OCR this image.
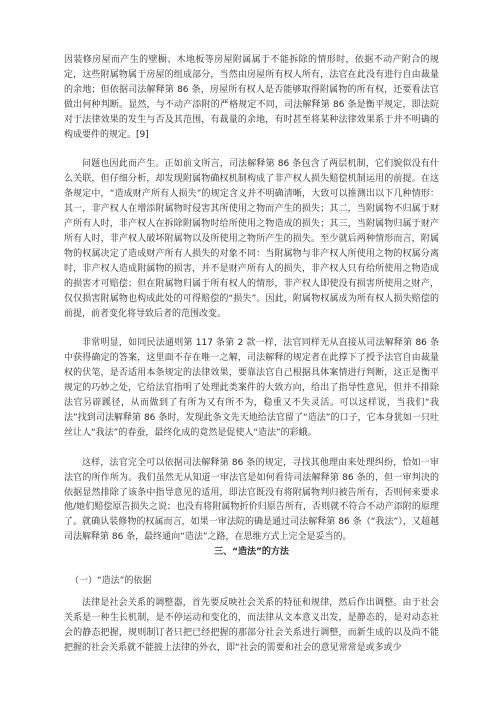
因装修房屋而产生的壁橱、木地板等房屋附属属于不能拆除的情形时，依据不动产附合的规定，这些附属物属于房屋的组成部分，当然由房屋所有权人所有，法官在此没有进行自由裁量的余地；但依据司法解释第 86 条，房屋所有权人是否能够取得附属物的所有权，还要看法官做出何种判断。显然，与不动产添附的严格规定不同，司法解释第 86 条是衡平规定，即法院对于法律效果的发生与否及其范围，有裁量的余地，有时甚至将某种法律效果系于并不明确的构成要件的规定。[9]

问题也因此而产生。正如前文所言，司法解释第 86 条包含了两层机制，它们貌似没有什么关联，但仔细分析，却发现附属物确权机制构成了非产权人损失赔偿机制运用的前提。在这条规定中，“造成财产所有人损失”的规定含义并不明确清晰，大致可以推测出以下几种情形：其一，非产权人在增添附属物时侵害其所使用之物而产生的损失；其二，当附属物不归属于财产所有人时，非产权人在拆除附属物时给所使用之物造成的损失；其三，当附属物归属于财产所有人时，非产权人破坏附属物以及所使用之物所产生的损失。至少就后两种情形而言，附属物的权属决定了造成财产所有人损失的对象不同：当附属物与非产权人所使用之物的权属分离时，非产权人造成附属物的损害，并不是财产所有人的损失，非产权人只有给所使用之物造成的损害才可赔偿；但在附属物归属于所有权人的情形，非产权人即使没有损害所使用之财产，仅仅损害附属物也构成此处的可得赔偿的“损失”。因此，附属物权属成为所有权人损失赔偿的前提，前者变化将导致后者的范围改变。

非常明显，如同民法通则第 117 条第 2 款一样，法官同样无从直接从司法解释第 86 条中获得确定的答案，这里面不存在唯一之解，司法解释的规定者在此撑下了授予法官自由裁量权的伏笔，是否适用本条规定的法律效果，要靠法官自己根据具体案情进行判断，这正是衡平规定的巧妙之处，它给法官指明了处理此类案件的大致方向，给出了指导性意见，但并不排除法官另辟蹊径，从而做到了有所为又有所不为，稳重又不失灵活。可以这样说，当我们“我法”找到司法解释第 86 条时，发现此条文先天地给法官留了“造法”的口子，它本身犹如一只吐丝让人“我法”的春蚕，最终化成的竟然是促使人“造法”的彩蛾。

这样，法官完全可以依据司法解释第 86 条的规定，寻找其他理由来处理纠纷，恰如一审法官的所作所为。我们虽然无从知道一审法官是如何看待司法解释第 86 条的，但一审判决的依据显然排除了该条中指导意见的适用，即法官既没有将附属物判归被告所有，否则何来要求他/她们赔偿原告损失之说；也没有将附属物折价归原告所有，否则就不符合不动产添附的原理了。就确认装修物的权属而言，如果一审法院的确是通过司法解释第 86 条（“我法”），又超越司法解释第 86 条，最终通向“造法”之路，在思维方式上完全是妥当的。

三、“造法”的方法

（一）“造法”的依据

法律是社会关系的调整器，首先要反映社会关系的特征和规律，然后作出调整。由于社会关系是一种生长机制，是不停运动和变化的，而法律从文本意义出发，是静态的，是对动态社会的静态把握，规则制订者只把已经把握的那部分社会关系进行调整，而新生成的以及尚不能把握的社会关系就不能披上法律的外衣，即“社会的需要和社会的意见常常是或多或少
